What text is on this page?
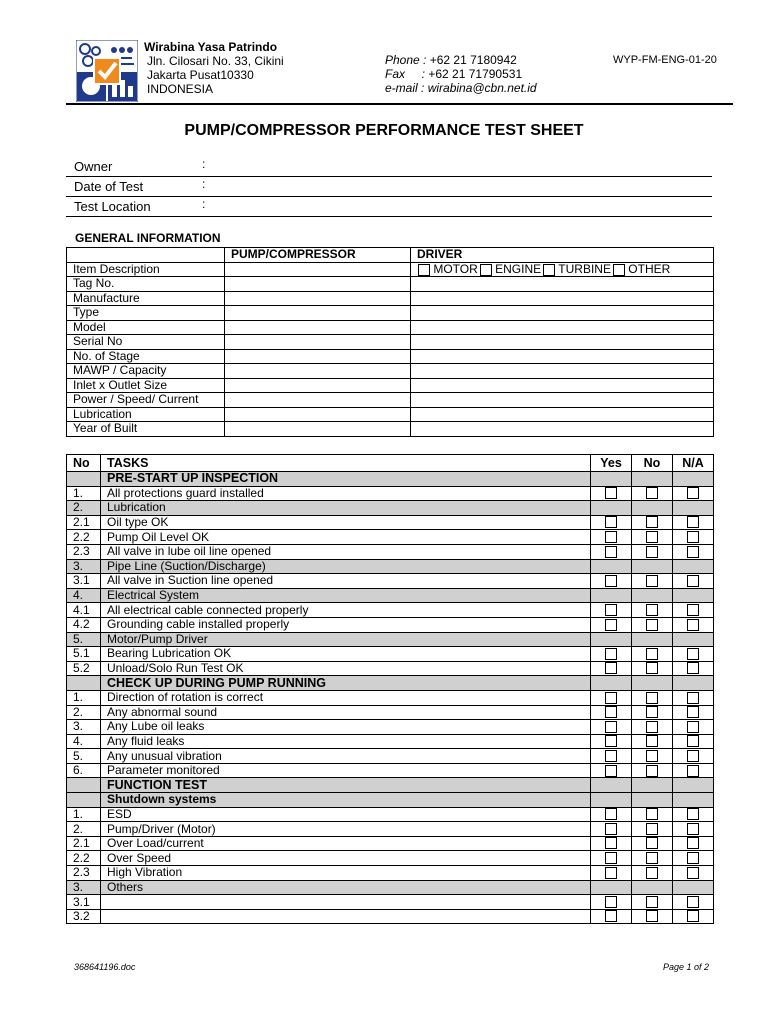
Wirabina Yasa Patrindo
Jln. Cilosari No. 33, Cikini
Jakarta Pusat10330
INDONESIA
Phone : +62 21 7180942
Fax     : +62 21 71790531
e-mail : wirabina@cbn.net.id
WYP-FM-ENG-01-20
PUMP/COMPRESSOR PERFORMANCE TEST SHEET
Owner	:
Date of Test	:
Test Location	:
GENERAL INFORMATION
	PUMP/COMPRESSOR	DRIVER
Item Description		MOTOR ENGINE TURBINE OTHER
Tag No.		
Manufacture		
Type		
Model		
Serial No		
No. of Stage		
MAWP / Capacity		
Inlet x Outlet Size		
Power / Speed/ Current		
Lubrication		
Year of Built		
No	TASKS	Yes	No	N/A
	PRE-START UP INSPECTION			
1.	All protections guard installed			
2.	Lubrication			
2.1	Oil type OK			
2.2	Pump Oil Level OK			
2.3	All valve in lube oil line opened			
3.	Pipe Line (Suction/Discharge)			
3.1	All valve in Suction line opened			
4.	Electrical System			
4.1	All electrical cable connected properly			
4.2	Grounding cable installed properly			
5.	Motor/Pump Driver			
5.1	Bearing Lubrication OK			
5.2	Unload/Solo Run Test OK			
	CHECK UP DURING PUMP RUNNING			
1.	Direction of rotation is correct			
2.	Any abnormal sound			
3.	Any Lube oil leaks			
4.	Any fluid leaks			
5.	Any unusual vibration			
6.	Parameter monitored			
	FUNCTION TEST			
	Shutdown systems			
1.	ESD			
2.	Pump/Driver (Motor)			
2.1	Over Load/current			
2.2	Over Speed			
2.3	High Vibration			
3.	Others			
3.1				
3.2				
368641196.doc	Page 1 of 2
